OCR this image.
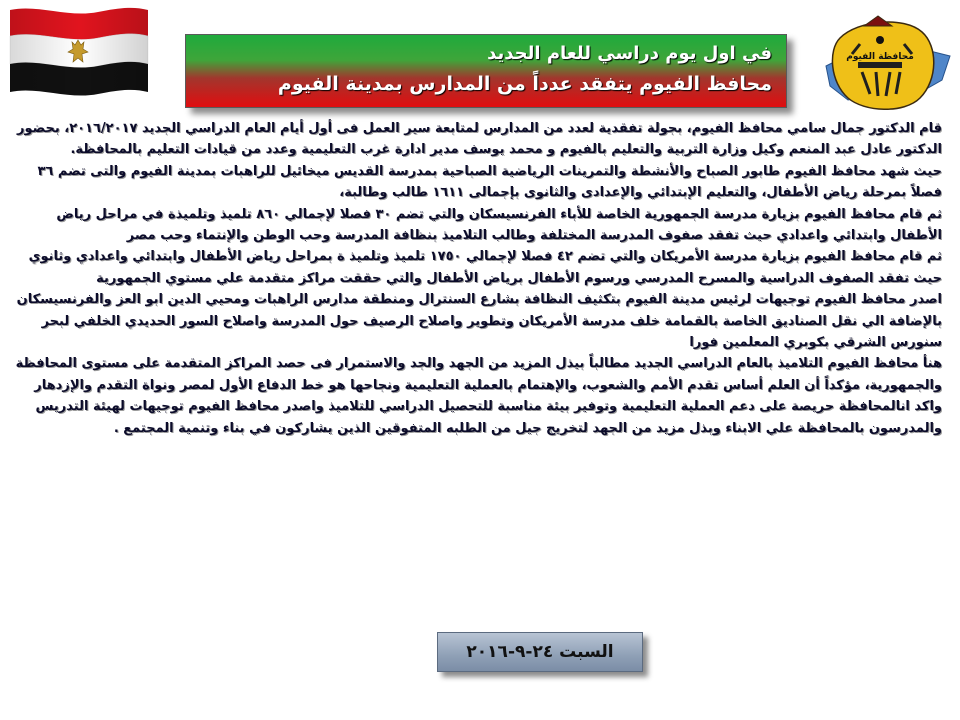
في اول يوم دراسي للعام الجديد
محافظ الفيوم يتفقد عدداً من المدارس بمدينة الفيوم
محافظة الفيوم

قام الدكتور جمال سامي محافظ الفيوم، بجولة تفقدية لعدد من المدارس لمتابعة سير العمل فى أول أيام العام الدراسي الجديد ٢٠١٦/٢٠١٧، بحضور الدكتور عادل عبد المنعم وكيل وزارة التربية والتعليم بالفيوم و محمد يوسف مدير ادارة غرب التعليمية وعدد من قيادات التعليم بالمحافظة.

حيث شهد محافظ الفيوم طابور الصباح والأنشطة والتمرينات الرياضية الصباحية بمدرسة القديس ميخائيل للراهبات بمدينة الفيوم والتى تضم ٣٦ فصلاً بمرحلة رياض الأطفال، والتعليم الإبتدائي والإعدادى والثانوى بإجمالى ١٦١١ طالب وطالبة،

ثم قام محافظ الفيوم بزيارة مدرسة الجمهورية الخاصة للأباء الفرنسيسكان والتي تضم ٣٠ فصلا لإجمالي ٨٦٠ تلميذ وتلميذة في مراحل رياض الأطفال وابتدائي واعدادي حيث تفقد صفوف المدرسة المختلفة وطالب التلاميذ بنظافة المدرسة وحب الوطن والإنتماء وحب مصر

ثم قام محافظ الفيوم بزيارة مدرسة الأمريكان والتي تضم ٤٢ فصلا لإجمالي ١٧٥٠ تلميذ وتلميذ ة بمراحل رياض الأطفال وابتدائي واعدادي وثانوي حيث تفقد الصفوف الدراسية والمسرح المدرسي ورسوم الأطفال برياض الأطفال والتي حققت مراكز متقدمة علي مستوي الجمهورية

اصدر محافظ الفيوم توجيهات لرئيس مدينة الفيوم بتكثيف النظافة بشارع السنترال ومنطقة مدارس الراهبات ومحيي الدين ابو العز والفرنسيسكان بالإضافة الي نقل الصناديق الخاصة بالقمامة خلف مدرسة الأمريكان وتطوير واصلاح الرصيف حول المدرسة واصلاح السور الحديدي الخلفي لبحر سنورس الشرقي بكوبري المعلمين فورا

هنأ محافظ الفيوم التلاميذ بالعام الدراسي الجديد مطالباً بيذل المزيد من الجهد والجد والاستمرار فى حصد المراكز المتقدمة على مستوى المحافظة والجمهورية، مؤكداً أن العلم أساس تقدم الأمم والشعوب، والإهتمام بالعملية التعليمية ونجاحها هو خط الدفاع الأول لمصر ونواة التقدم والإزدهار واكد انالمحافظة حريصة على دعم العملية التعليمية وتوفير بيئة مناسبة للتحصيل الدراسي للتلاميذ واصدر محافظ الفيوم توجيهات لهيئة التدريس والمدرسون بالمحافظة علي الابناء وبذل مزيد من الجهد لتخريج جيل من الطلبه المتفوقين الذين يشاركون في بناء وتنمية المجتمع .

السبت ٢٤-٩-٢٠١٦
